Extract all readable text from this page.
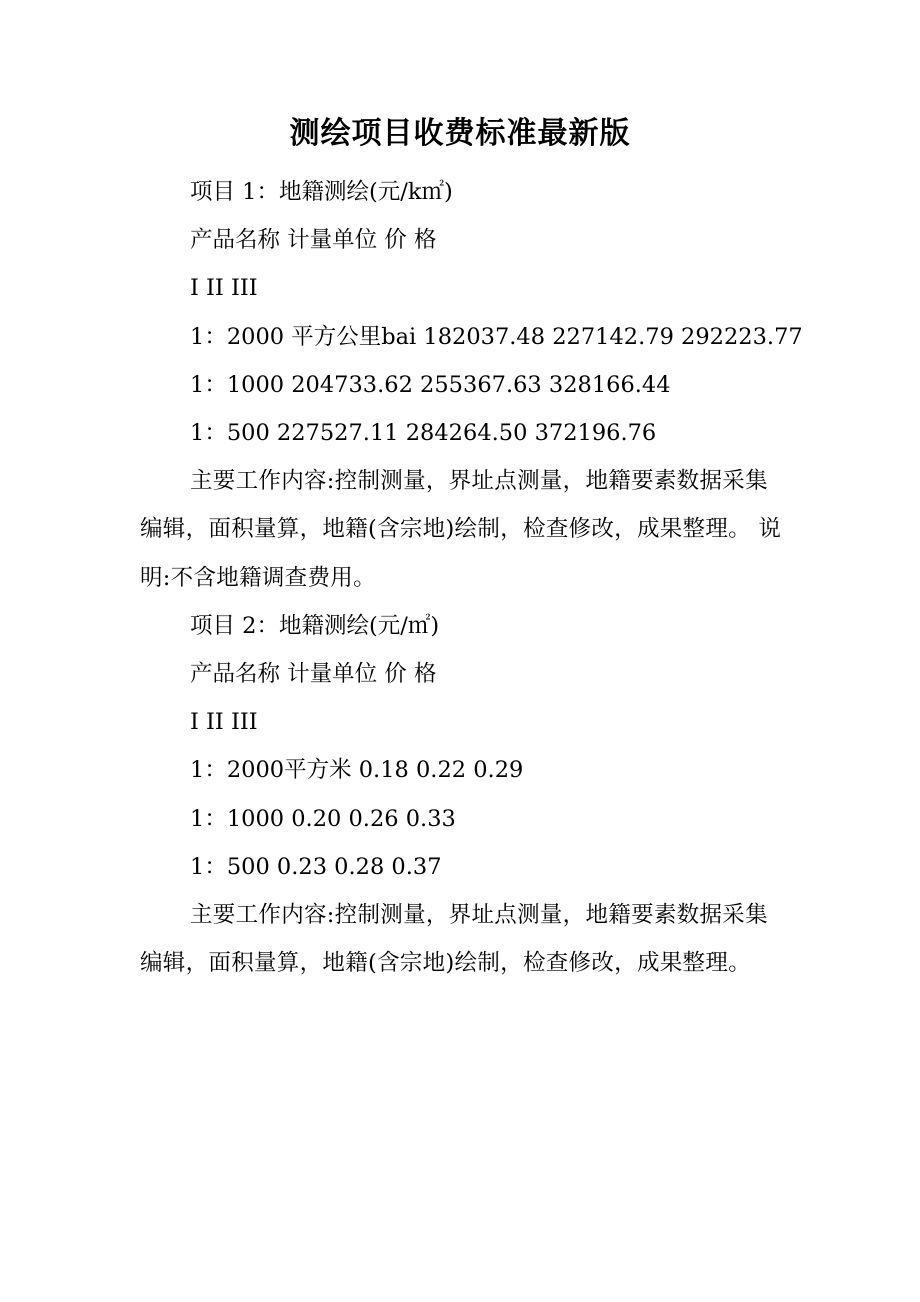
测绘项目收费标准最新版

项目 1：地籍测绘(元/k㎡)

产品名称 计量单位 价 格

I II III

1：2000 平方公里bai 182037.48 227142.79 292223.77

1：1000 204733.62 255367.63 328166.44

1：500 227527.11 284264.50 372196.76

主要工作内容:控制测量，界址点测量，地籍要素数据采集编辑，面积量算，地籍(含宗地)绘制，检查修改，成果整理。 说明:不含地籍调查费用。

项目 2：地籍测绘(元/㎡)

产品名称 计量单位 价 格

I II III

1：2000平方米 0.18 0.22 0.29

1：1000 0.20 0.26 0.33

1：500 0.23 0.28 0.37

主要工作内容:控制测量，界址点测量，地籍要素数据采集编辑，面积量算，地籍(含宗地)绘制，检查修改，成果整理。
